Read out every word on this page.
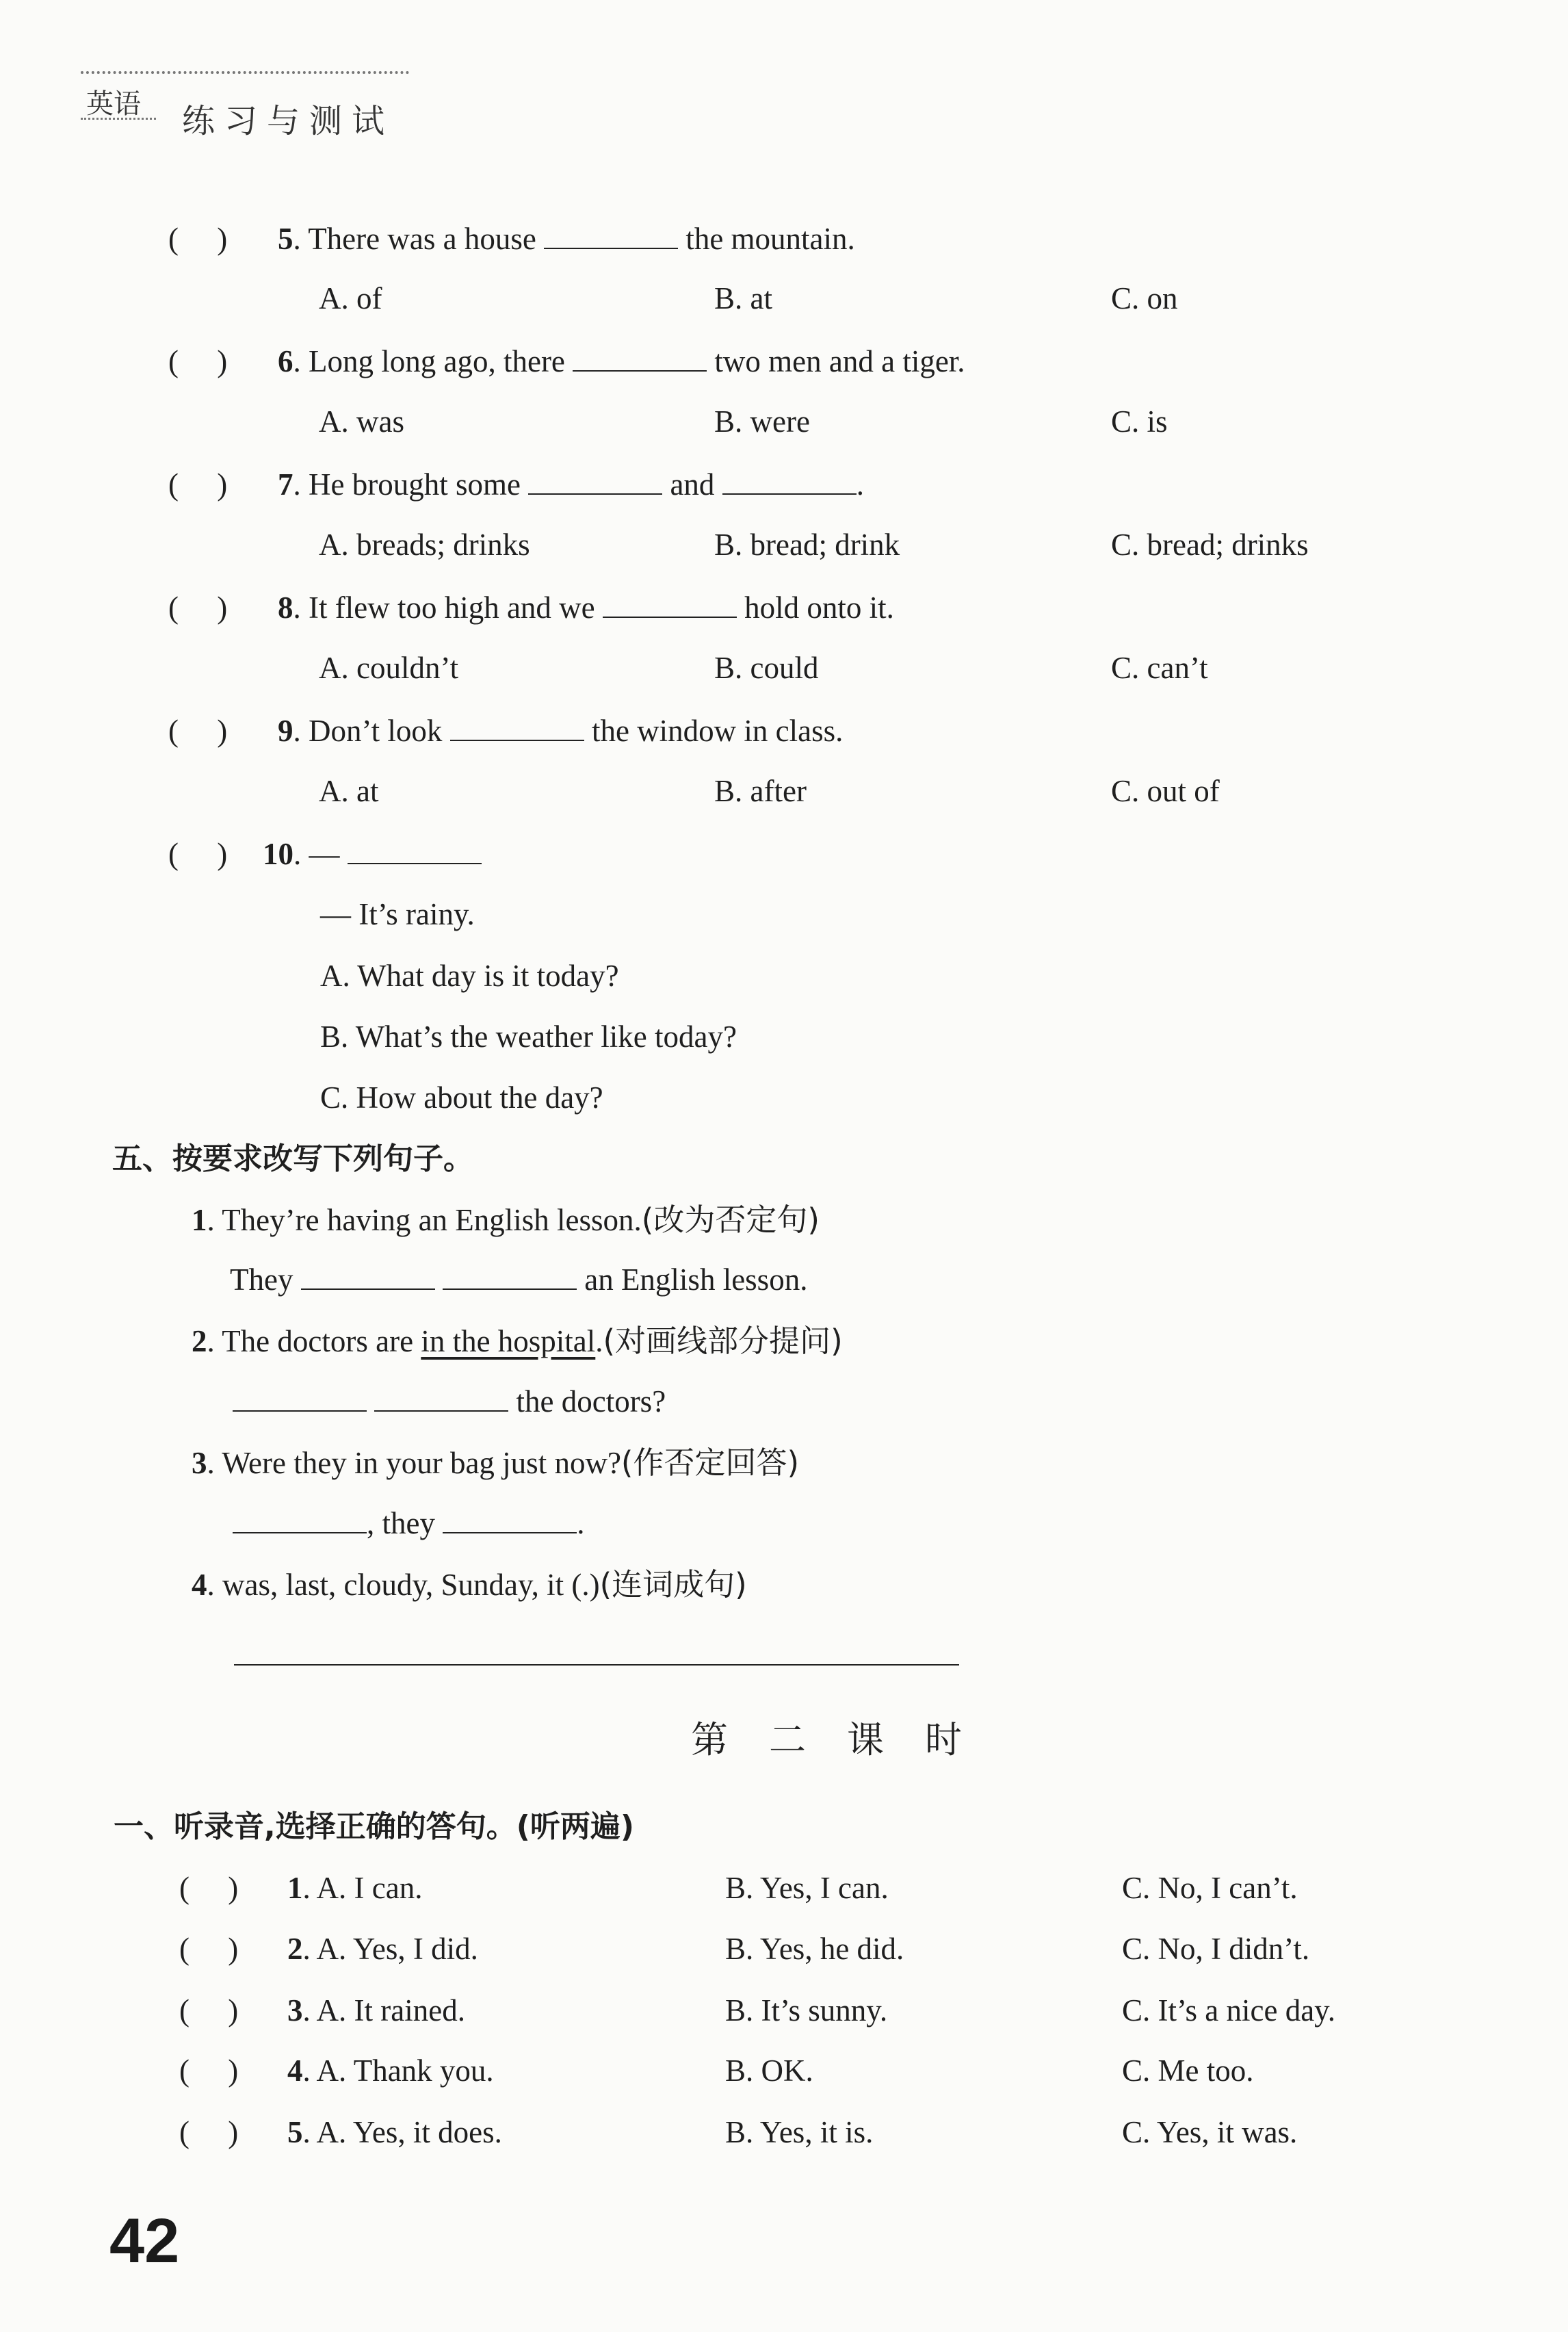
英语 练习与测试
(     ) 5. There was a house	the mountain.
A. of	B. at	C. on
(     ) 6. Long long ago, there	two men and a tiger.
A. was	B. were	C. is
(     ) 7. He brought some	and	.
A. breads; drinks	B. bread; drink	C. bread; drinks
(     ) 8. It flew too high and we	hold onto it.
A. couldn’t	B. could	C. can’t
(     ) 9. Don’t look	the window in class.
A. at	B. after	C. out of
(     ) 10. —
— It’s rainy.
A. What day is it today?
B. What’s the weather like today?
C. How about the day?
五、按要求改写下列句子。
1. They’re having an English lesson.(改为否定句)
They	an English lesson.
2. The doctors are in the hospital.(对画线部分提问)
the doctors?
3. Were they in your bag just now?(作否定回答)
, they	.
4. was, last, cloudy, Sunday, it (.)(连词成句)
第二课时
一、听录音,选择正确的答句。(听两遍)
(     ) 1. A. I can.	B. Yes, I can.	C. No, I can’t.
(     ) 2. A. Yes, I did.	B. Yes, he did.	C. No, I didn’t.
(     ) 3. A. It rained.	B. It’s sunny.	C. It’s a nice day.
(     ) 4. A. Thank you.	B. OK.	C. Me too.
(     ) 5. A. Yes, it does.	B. Yes, it is.	C. Yes, it was.
42
